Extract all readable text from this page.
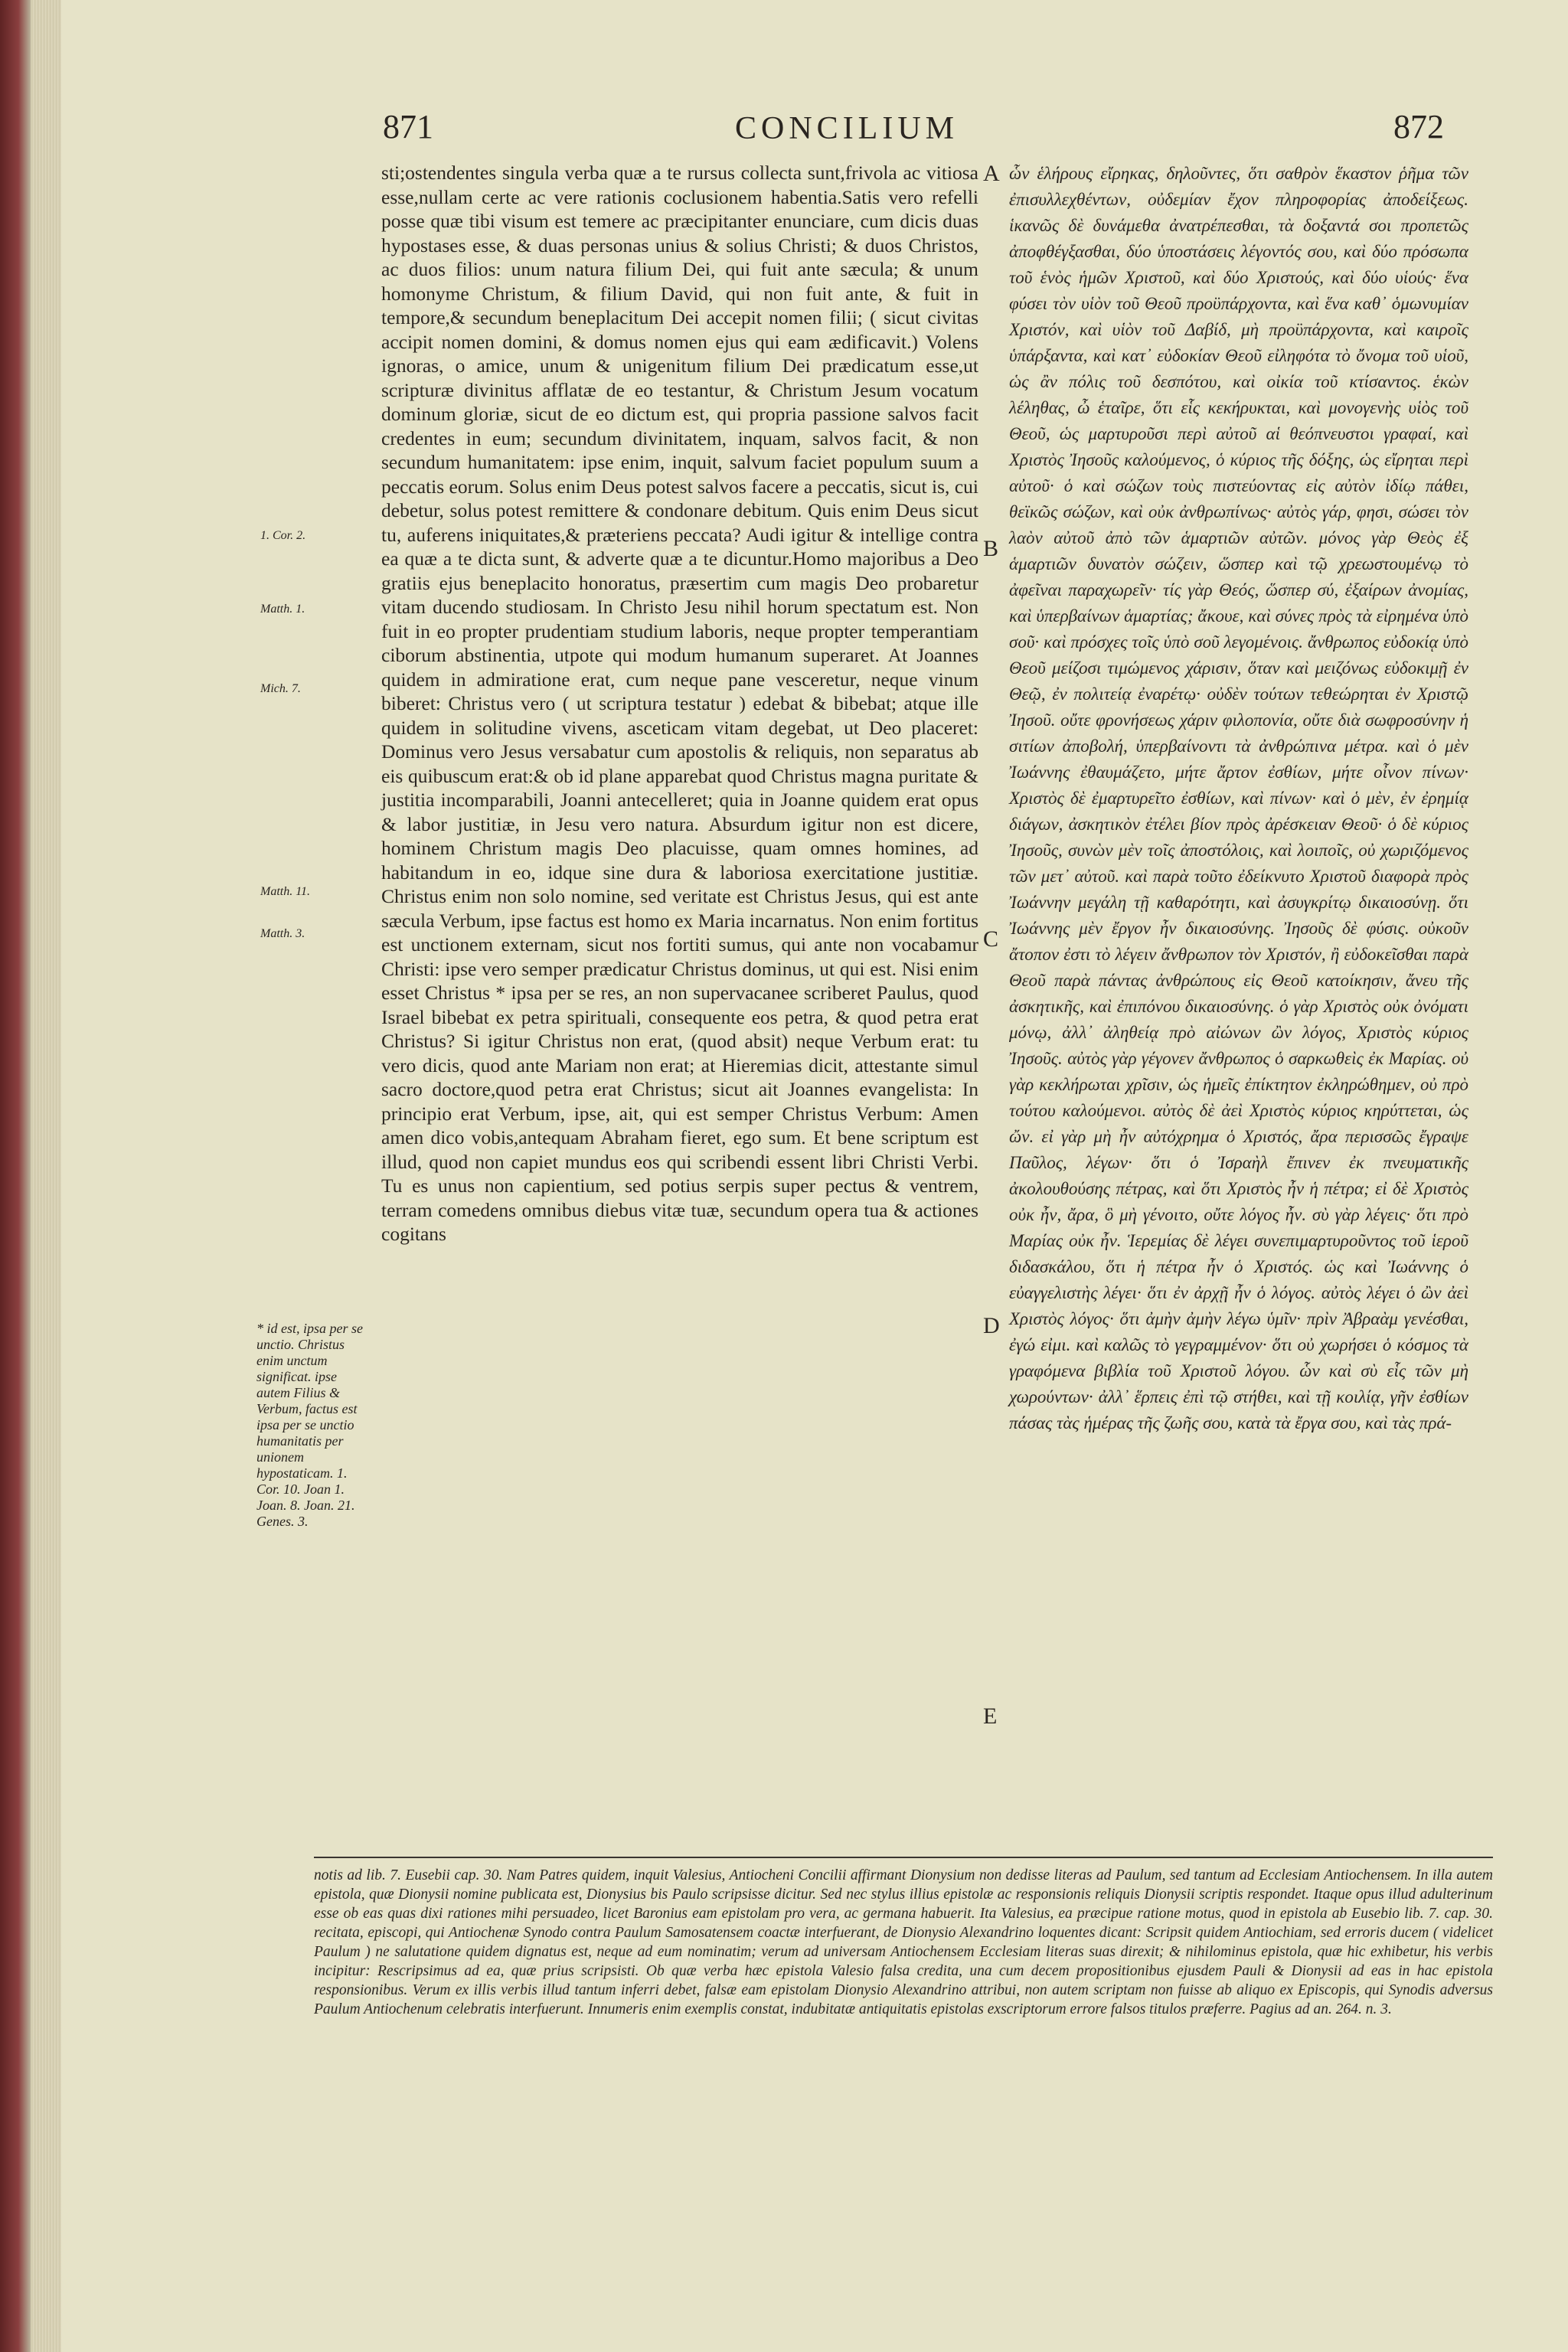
871	CONCILIUM	872
1. Cor. 2.
Matth. 1.
Mich. 7.
Matth. 11.
Matth. 3.
* id est, ipsa per se unctio. Christus enim unctum significat. ipse autem Filius & Verbum, factus est ipsa per se unctio humanitatis per unionem hypostaticam. 1. Cor. 10. Joan 1. Joan. 8. Joan. 21. Genes. 3.

sti;ostendentes singula verba quæ a te rursus collecta sunt,frivola ac vitiosa esse,nullam certe ac vere rationis coclusionem habentia.Satis vero refelli posse quæ tibi visum est temere ac præcipitanter enunciare, cum dicis duas hypostases esse, & duas personas unius & solius Christi; & duos Christos, ac duos filios: unum natura filium Dei, qui fuit ante sæcula; & unum homonyme Christum, & filium David, qui non fuit ante, & fuit in tempore,& secundum beneplacitum Dei accepit nomen filii; ( sicut civitas accipit nomen domini, & domus nomen ejus qui eam ædificavit.) Volens ignoras, o amice, unum & unigenitum filium Dei prædicatum esse,ut scripturæ divinitus afflatæ de eo testantur, & Christum Jesum vocatum dominum gloriæ, sicut de eo dictum est, qui propria passione salvos facit credentes in eum; secundum divinitatem, inquam, salvos facit, & non secundum humanitatem: ipse enim, inquit, salvum faciet populum suum a peccatis eorum. Solus enim Deus potest salvos facere a peccatis, sicut is, cui debetur, solus potest remittere & condonare debitum. Quis enim Deus sicut tu, auferens iniquitates,& præteriens peccata? Audi igitur & intellige contra ea quæ a te dicta sunt, & adverte quæ a te dicuntur.Homo majoribus a Deo gratiis ejus beneplacito honoratus, præsertim cum magis Deo probaretur vitam ducendo studiosam. In Christo Jesu nihil horum spectatum est. Non fuit in eo propter prudentiam studium laboris, neque propter temperantiam ciborum abstinentia, utpote qui modum humanum superaret. At Joannes quidem in admiratione erat, cum neque pane vesceretur, neque vinum biberet: Christus vero ( ut scriptura testatur ) edebat & bibebat; atque ille quidem in solitudine vivens, asceticam vitam degebat, ut Deo placeret: Dominus vero Jesus versabatur cum apostolis & reliquis, non separatus ab eis quibuscum erat:& ob id plane apparebat quod Christus magna puritate & justitia incomparabili, Joanni antecelleret; quia in Joanne quidem erat opus & labor justitiæ, in Jesu vero natura. Absurdum igitur non est dicere, hominem Christum magis Deo placuisse, quam omnes homines, ad habitandum in eo, idque sine dura & laboriosa exercitatione justitiæ. Christus enim non solo nomine, sed veritate est Christus Jesus, qui est ante sæcula Verbum, ipse factus est homo ex Maria incarnatus. Non enim fortitus est unctionem externam, sicut nos fortiti sumus, qui ante non vocabamur Christi: ipse vero semper prædicatur Christus dominus, ut qui est. Nisi enim esset Christus * ipsa per se res, an non supervacanee scriberet Paulus, quod Israel bibebat ex petra spirituali, consequente eos petra, & quod petra erat Christus? Si igitur Christus non erat, (quod absit) neque Verbum erat: tu vero dicis, quod ante Mariam non erat; at Hieremias dicit, attestante simul sacro doctore,quod petra erat Christus; sicut ait Joannes evangelista: In principio erat Verbum, ipse, ait, qui est semper Christus Verbum: Amen amen dico vobis,antequam Abraham fieret, ego sum. Et bene scriptum est illud, quod non capiet mundus eos qui scribendi essent libri Christi Verbi. Tu es unus non capientium, sed potius serpis super pectus & ventrem, terram comedens omnibus diebus vitæ tuæ, secundum opera tua & actiones cogitans

A
B
C
D
E

ὧν ἑλήρους εἴρηκας, δηλοῦντες, ὅτι σαθρὸν ἕκαστον ῥῆμα τῶν ἐπισυλλεχθέντων, οὐδεμίαν ἔχον πληροφορίας ἀποδείξεως. ἱκανῶς δὲ δυνάμεθα ἀνατρέπεσθαι, τὰ δοξαντά σοι προπετῶς ἀποφθέγξασθαι, δύο ὑποστάσεις λέγοντός σου, καὶ δύο πρόσωπα τοῦ ἑνὸς ἡμῶν Χριστοῦ, καὶ δύο Χριστούς, καὶ δύο υἱούς· ἕνα φύσει τὸν υἱὸν τοῦ Θεοῦ προϋπάρχοντα, καὶ ἕνα καθ᾽ ὁμωνυμίαν Χριστόν, καὶ υἱὸν τοῦ Δαβίδ, μὴ προϋπάρχοντα, καὶ καιροῖς ὑπάρξαντα, καὶ κατ᾽ εὐδοκίαν Θεοῦ εἰληφότα τὸ ὄνομα τοῦ υἱοῦ, ὡς ἂν πόλις τοῦ δεσπότου, καὶ οἰκία τοῦ κτίσαντος. ἑκὼν λέληθας, ὦ ἑταῖρε, ὅτι εἷς κεκήρυκται, καὶ μονογενὴς υἱὸς τοῦ Θεοῦ, ὡς μαρτυροῦσι περὶ αὐτοῦ αἱ θεόπνευστοι γραφαί, καὶ Χριστὸς Ἰησοῦς καλούμενος, ὁ κύριος τῆς δόξης, ὡς εἴρηται περὶ αὐτοῦ· ὁ καὶ σώζων τοὺς πιστεύοντας εἰς αὐτὸν ἰδίῳ πάθει, θεϊκῶς σώζων, καὶ οὐκ ἀνθρωπίνως· αὐτὸς γάρ, φησι, σώσει τὸν λαὸν αὐτοῦ ἀπὸ τῶν ἁμαρτιῶν αὐτῶν. μόνος γὰρ Θεὸς ἐξ ἁμαρτιῶν δυνατὸν σώζειν, ὥσπερ καὶ τῷ χρεωστουμένῳ τὸ ἀφεῖναι παραχωρεῖν· τίς γὰρ Θεός, ὥσπερ σύ, ἐξαίρων ἀνομίας, καὶ ὑπερβαίνων ἁμαρτίας; ἄκουε, καὶ σύνες πρὸς τὰ εἰρημένα ὑπὸ σοῦ· καὶ πρόσχες τοῖς ὑπὸ σοῦ λεγομένοις. ἄνθρωπος εὐδοκίᾳ ὑπὸ Θεοῦ μείζοσι τιμώμενος χάρισιν, ὅταν καὶ μειζόνως εὐδοκιμῇ ἐν Θεῷ, ἐν πολιτείᾳ ἐναρέτῳ· οὐδὲν τούτων τεθεώρηται ἐν Χριστῷ Ἰησοῦ. οὔτε φρονήσεως χάριν φιλοπονία, οὔτε διὰ σωφροσύνην ἡ σιτίων ἀποβολή, ὑπερβαίνοντι τὰ ἀνθρώπινα μέτρα. καὶ ὁ μὲν Ἰωάννης ἐθαυμάζετο, μήτε ἄρτον ἐσθίων, μήτε οἶνον πίνων· Χριστὸς δὲ ἐμαρτυρεῖτο ἐσθίων, καὶ πίνων· καὶ ὁ μὲν, ἐν ἐρημίᾳ διάγων, ἀσκητικὸν ἐτέλει βίον πρὸς ἀρέσκειαν Θεοῦ· ὁ δὲ κύριος Ἰησοῦς, συνὼν μὲν τοῖς ἀποστόλοις, καὶ λοιποῖς, οὐ χωριζόμενος τῶν μετ᾽ αὐτοῦ. καὶ παρὰ τοῦτο ἐδείκνυτο Χριστοῦ διαφορὰ πρὸς Ἰωάννην μεγάλη τῇ καθαρότητι, καὶ ἀσυγκρίτῳ δικαιοσύνῃ. ὅτι Ἰωάννης μὲν ἔργον ἦν δικαιοσύνης. Ἰησοῦς δὲ φύσις. οὐκοῦν ἄτοπον ἐστι τὸ λέγειν ἄνθρωπον τὸν Χριστόν, ἢ εὐδοκεῖσθαι παρὰ Θεοῦ παρὰ πάντας ἀνθρώπους εἰς Θεοῦ κατοίκησιν, ἄνευ τῆς ἀσκητικῆς, καὶ ἐπιπόνου δικαιοσύνης. ὁ γὰρ Χριστὸς οὐκ ὀνόματι μόνῳ, ἀλλ᾽ ἀληθείᾳ πρὸ αἰώνων ὢν λόγος, Χριστὸς κύριος Ἰησοῦς. αὐτὸς γὰρ γέγονεν ἄνθρωπος ὁ σαρκωθεὶς ἐκ Μαρίας. οὐ γὰρ κεκλήρωται χρῖσιν, ὡς ἡμεῖς ἐπίκτητον ἐκληρώθημεν, οὐ πρὸ τούτου καλούμενοι. αὐτὸς δὲ ἀεὶ Χριστὸς κύριος κηρύττεται, ὡς ὤν. εἰ γὰρ μὴ ἦν αὐτόχρημα ὁ Χριστός, ἄρα περισσῶς ἔγραψε Παῦλος, λέγων· ὅτι ὁ Ἰσραὴλ ἔπινεν ἐκ πνευματικῆς ἀκολουθούσης πέτρας, καὶ ὅτι Χριστὸς ἦν ἡ πέτρα; εἰ δὲ Χριστὸς οὐκ ἦν, ἄρα, ὃ μὴ γένοιτο, οὔτε λόγος ἦν. σὺ γὰρ λέγεις· ὅτι πρὸ Μαρίας οὐκ ἦν. Ἱερεμίας δὲ λέγει συνεπιμαρτυροῦντος τοῦ ἱεροῦ διδασκάλου, ὅτι ἡ πέτρα ἦν ὁ Χριστός. ὡς καὶ Ἰωάννης ὁ εὐαγγελιστὴς λέγει· ὅτι ἐν ἀρχῇ ἦν ὁ λόγος. αὐτὸς λέγει ὁ ὢν ἀεὶ Χριστὸς λόγος· ὅτι ἀμὴν ἀμὴν λέγω ὑμῖν· πρὶν Ἀβραὰμ γενέσθαι, ἐγώ εἰμι. καὶ καλῶς τὸ γεγραμμένον· ὅτι οὐ χωρήσει ὁ κόσμος τὰ γραφόμενα βιβλία τοῦ Χριστοῦ λόγου. ὧν καὶ σὺ εἷς τῶν μὴ χωρούντων· ἀλλ᾽ ἕρπεις ἐπὶ τῷ στήθει, καὶ τῇ κοιλίᾳ, γῆν ἐσθίων πάσας τὰς ἡμέρας τῆς ζωῆς σου, κατὰ τὰ ἔργα σου, καὶ τὰς πρά-

notis ad lib. 7. Eusebii cap. 30. Nam Patres quidem, inquit Valesius, Antiocheni Concilii affirmant Dionysium non dedisse literas ad Paulum, sed tantum ad Ecclesiam Antiochensem. In illa autem epistola, quæ Dionysii nomine publicata est, Dionysius bis Paulo scripsisse dicitur. Sed nec stylus illius epistolæ ac responsionis reliquis Dionysii scriptis respondet. Itaque opus illud adulterinum esse ob eas quas dixi rationes mihi persuadeo, licet Baronius eam epistolam pro vera, ac germana habuerit. Ita Valesius, ea præcipue ratione motus, quod in epistola ab Eusebio lib. 7. cap. 30. recitata, episcopi, qui Antiochenæ Synodo contra Paulum Samosatensem coactæ interfuerant, de Dionysio Alexandrino loquentes dicant: Scripsit quidem Antiochiam, sed erroris ducem ( videlicet Paulum ) ne salutatione quidem dignatus est, neque ad eum nominatim; verum ad universam Antiochensem Ecclesiam literas suas direxit; & nihilominus epistola, quæ hic exhibetur, his verbis incipitur: Rescripsimus ad ea, quæ prius scripsisti. Ob quæ verba hæc epistola Valesio falsa credita, una cum decem propositionibus ejusdem Pauli & Dionysii ad eas in hac epistola responsionibus. Verum ex illis verbis illud tantum inferri debet, falsæ eam epistolam Dionysio Alexandrino attribui, non autem scriptam non fuisse ab aliquo ex Episcopis, qui Synodis adversus Paulum Antiochenum celebratis interfuerunt. Innumeris enim exemplis constat, indubitatæ antiquitatis epistolas exscriptorum errore falsos titulos præferre. Pagius ad an. 264. n. 3.
